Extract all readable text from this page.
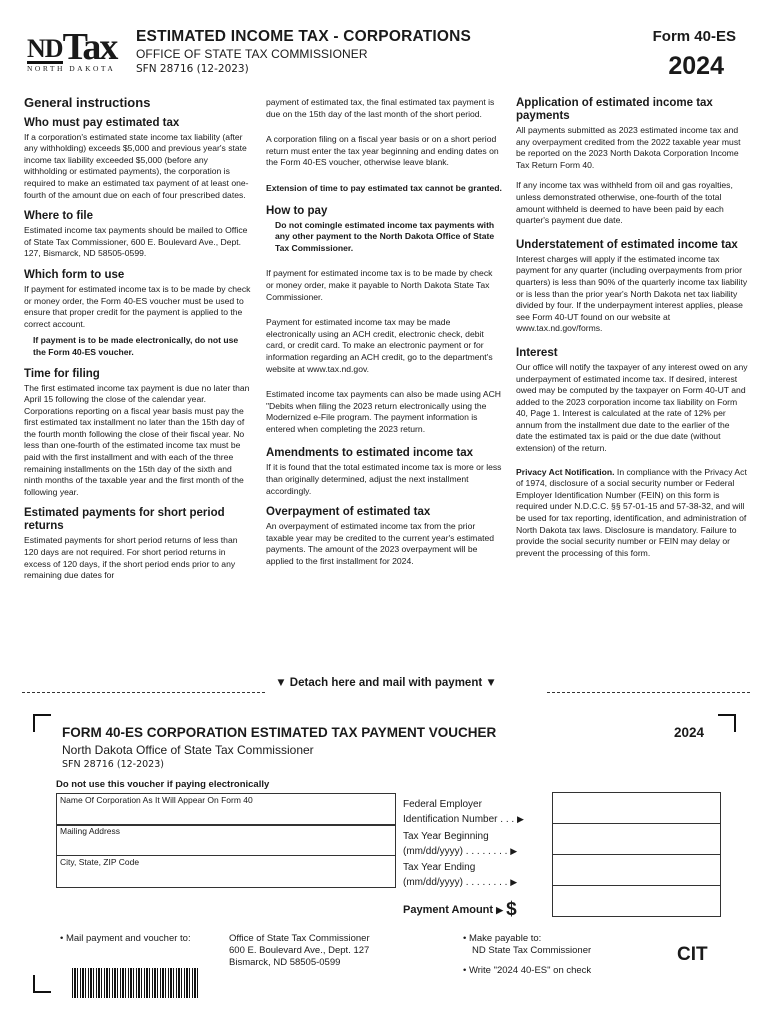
ND Tax
NORTH DAKOTA
ESTIMATED INCOME TAX - CORPORATIONS
OFFICE OF STATE TAX COMMISSIONER
SFN 28716 (12-2023)
Form 40-ES
2024
General instructions
Who must pay estimated tax

If a corporation's estimated state income tax liability (after any withholding) exceeds $5,000 and previous year's state income tax liability exceeded $5,000 (before any withholding or estimated payments), the corporation is required to make an estimated tax payment of at least one-fourth of the amount due on each of four prescribed dates.

Where to file

Estimated income tax payments should be mailed to Office of State Tax Commissioner, 600 E. Boulevard Ave., Dept. 127, Bismarck, ND 58505-0599.

Which form to use

If payment for estimated income tax is to be made by check or money order, the Form 40-ES voucher must be used to ensure that proper credit for the payment is applied to the correct account.

If payment is to be made electronically, do not use the Form 40-ES voucher.

Time for filing

The first estimated income tax payment is due no later than April 15 following the close of the calendar year. Corporations reporting on a fiscal year basis must pay the first estimated tax installment no later than the 15th day of the fourth month following the close of their fiscal year. No less than one-fourth of the estimated income tax must be paid with the first installment and with each of the three remaining installments on the 15th day of the sixth and ninth months of the taxable year and the first month of the following year.

Estimated payments for short period returns

Estimated payments for short period returns of less than 120 days are not required. For short period returns in excess of 120 days, if the short period ends prior to any remaining due dates for

payment of estimated tax, the final estimated tax payment is due on the 15th day of the last month of the short period.

A corporation filing on a fiscal year basis or on a short period return must enter the tax year beginning and ending dates on the Form 40-ES voucher, otherwise leave blank.

Extension of time to pay estimated tax cannot be granted.

How to pay

Do not comingle estimated income tax payments with any other payment to the North Dakota Office of State Tax Commissioner.

If payment for estimated income tax is to be made by check or money order, make it payable to North Dakota State Tax Commissioner.

Payment for estimated income tax may be made electronically using an ACH credit, electronic check, debit card, or credit card. To make an electronic payment or for information regarding an ACH credit, go to the department's website at www.tax.nd.gov.

Estimated income tax payments can also be made using ACH "Debits when filing the 2023 return electronically using the Modernized e-File program. The payment information is entered when completing the 2023 return.

Amendments to estimated income tax

If it is found that the total estimated income tax is more or less than originally determined, adjust the next installment accordingly.

Overpayment of estimated tax

An overpayment of estimated income tax from the prior taxable year may be credited to the current year's estimated payments. The amount of the 2023 overpayment will be applied to the first installment for 2024.

Application of estimated income tax payments

All payments submitted as 2023 estimated income tax and any overpayment credited from the 2022 taxable year must be reported on the 2023 North Dakota Corporation Income Tax Return Form 40.

If any income tax was withheld from oil and gas royalties, unless demonstrated otherwise, one-fourth of the total amount withheld is deemed to have been paid by each quarter's payment due date.

Understatement of estimated income tax

Interest charges will apply if the estimated income tax payment for any quarter (including overpayments from prior quarters) is less than 90% of the quarterly income tax liability or is less than the prior year's North Dakota net tax liability divided by four. If the underpayment interest applies, please see Form 40-UT found on our website at www.tax.nd.gov/forms.

Interest

Our office will notify the taxpayer of any interest owed on any underpayment of estimated income tax. If desired, interest owed may be computed by the taxpayer on Form 40-UT and added to the 2023 corporation income tax liability on Form 40, Page 1. Interest is calculated at the rate of 12% per annum from the installment due date to the earlier of the date the estimated tax is paid or the due date (without extension) of the return.

Privacy Act Notification. In compliance with the Privacy Act of 1974, disclosure of a social security number or Federal Employer Identification Number (FEIN) on this form is required under N.D.C.C. §§ 57-01-15 and 57-38-32, and will be used for tax reporting, identification, and administration of North Dakota tax laws. Disclosure is mandatory. Failure to provide the social security number or FEIN may delay or prevent the processing of this form.

▼ Detach here and mail with payment ▼
FORM 40-ES CORPORATION ESTIMATED TAX PAYMENT VOUCHER	2024
North Dakota Office of State Tax Commissioner
SFN 28716 (12-2023)
Do not use this voucher if paying electronically
Name Of Corporation As It Will Appear On Form 40
Mailing Address
City, State, ZIP Code
Federal Employer
Identification Number . . . ▶
Tax Year Beginning
(mm/dd/yyyy) . . . . . . . . ▶
Tax Year Ending
(mm/dd/yyyy) . . . . . . . . ▶
Payment Amount ▶ $
• Mail payment and voucher to:	Office of State Tax Commissioner
600 E. Boulevard Ave., Dept. 127
Bismarck, ND 58505-0599
• Make payable to:
ND State Tax Commissioner
• Write "2024 40-ES" on check
CIT
